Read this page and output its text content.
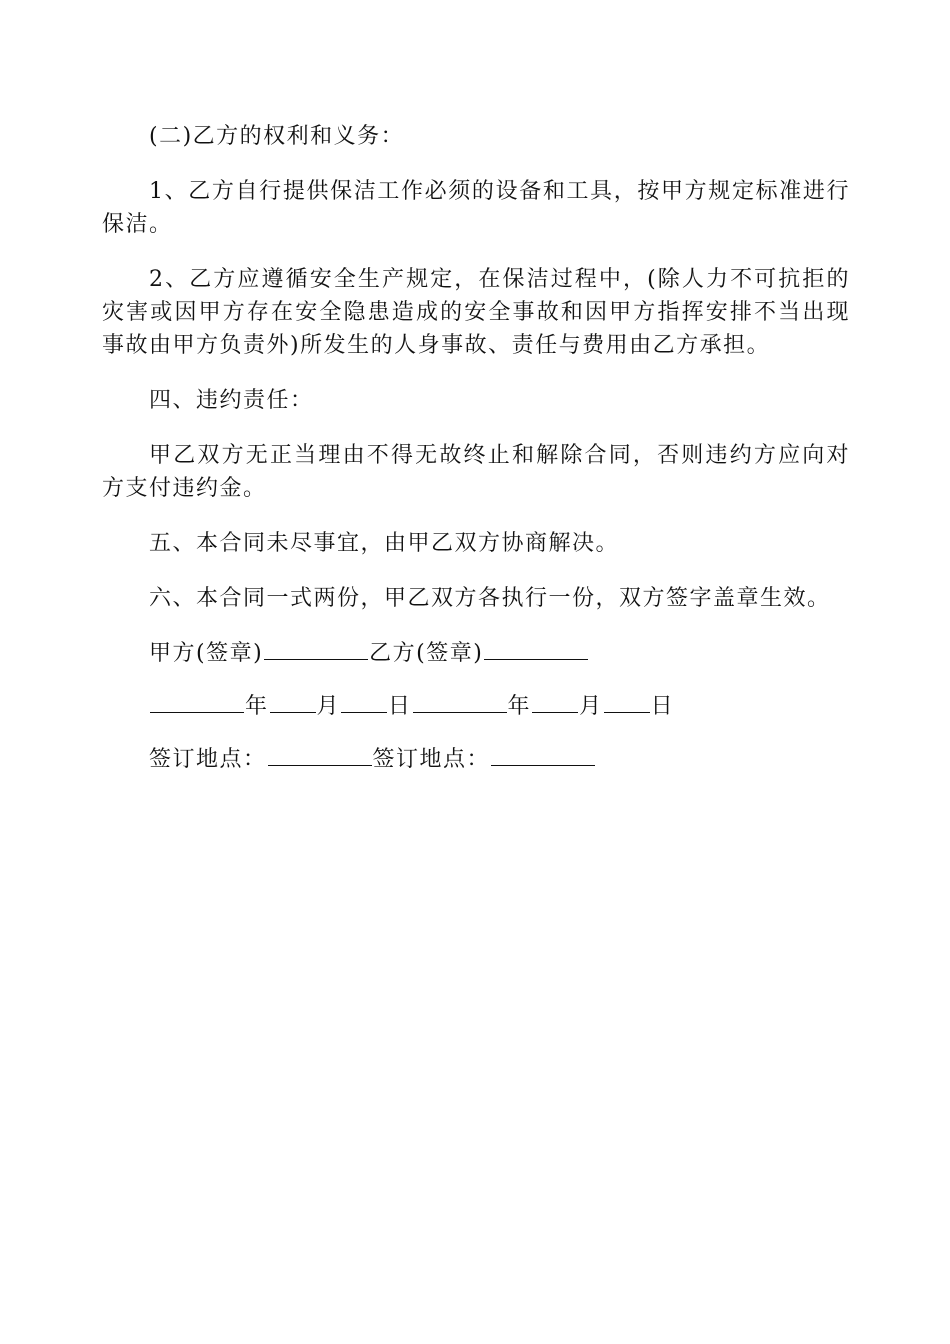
(二)乙方的权利和义务：

1、乙方自行提供保洁工作必须的设备和工具，按甲方规定标准进行保洁。

2、乙方应遵循安全生产规定，在保洁过程中，(除人力不可抗拒的灾害或因甲方存在安全隐患造成的安全事故和因甲方指挥安排不当出现事故由甲方负责外)所发生的人身事故、责任与费用由乙方承担。

四、违约责任：

甲乙双方无正当理由不得无故终止和解除合同，否则违约方应向对方支付违约金。

五、本合同未尽事宜，由甲乙双方协商解决。

六、本合同一式两份，甲乙双方各执行一份，双方签字盖章生效。

甲方(签章)	乙方(签章)
年 月 日	年 月 日
签订地点：	签订地点：
